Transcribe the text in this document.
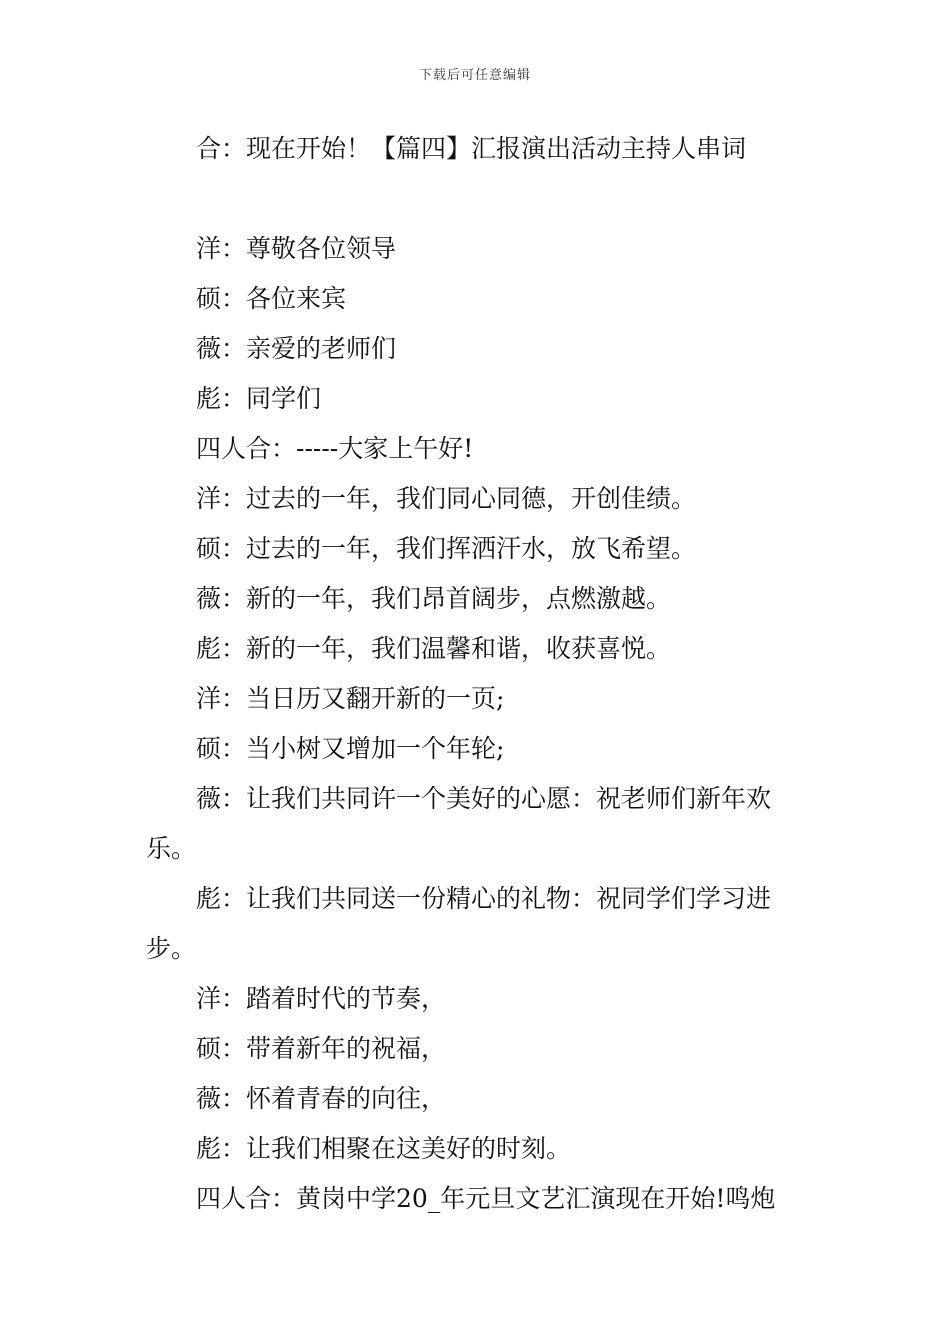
下载后可任意编辑

合：现在开始！【篇四】汇报演出活动主持人串词

洋：尊敬各位领导

硕：各位来宾

薇：亲爱的老师们

彪：同学们

四人合：-----大家上午好!

洋：过去的一年，我们同心同德，开创佳绩。

硕：过去的一年，我们挥洒汗水，放飞希望。

薇：新的一年，我们昂首阔步，点燃激越。

彪：新的一年，我们温馨和谐，收获喜悦。

洋：当日历又翻开新的一页;

硕：当小树又增加一个年轮;

薇：让我们共同许一个美好的心愿：祝老师们新年欢乐。

彪：让我们共同送一份精心的礼物：祝同学们学习进步。

洋：踏着时代的节奏，

硕：带着新年的祝福，

薇：怀着青春的向往，

彪：让我们相聚在这美好的时刻。

四人合：黄岗中学20_年元旦文艺汇演现在开始!鸣炮
